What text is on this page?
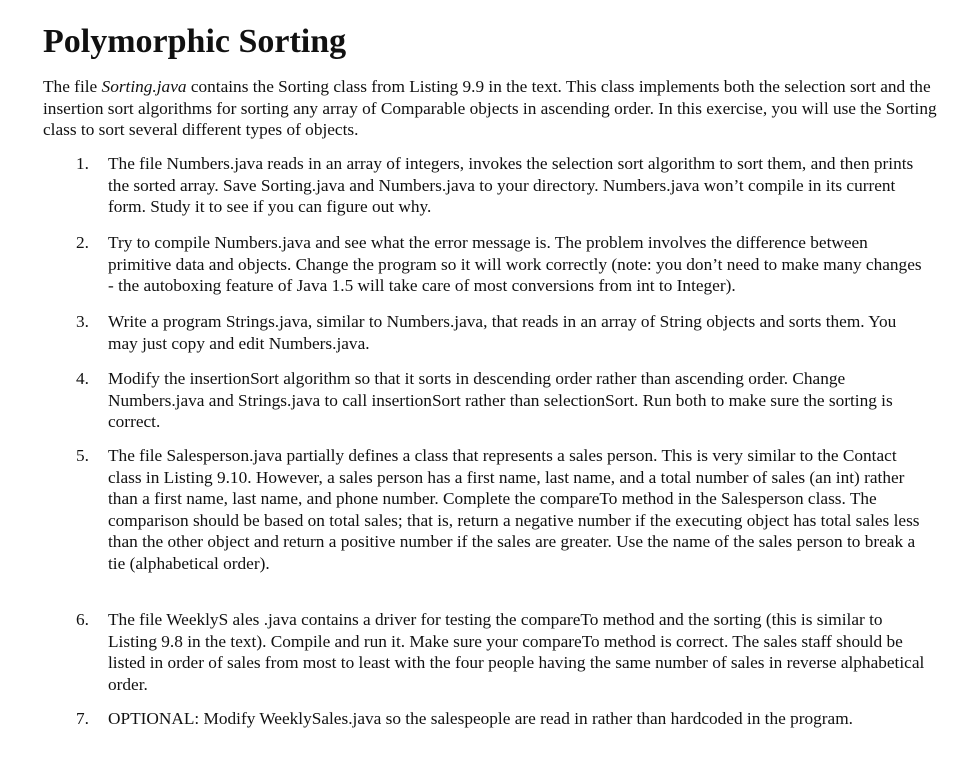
Polymorphic Sorting

The file Sorting.java contains the Sorting class from Listing 9.9 in the text. This class implements both the selection sort and the insertion sort algorithms for sorting any array of Comparable objects in ascending order. In this exercise, you will use the Sorting class to sort several different types of objects.

1. The file Numbers.java reads in an array of integers, invokes the selection sort algorithm to sort them, and then prints the sorted array. Save Sorting.java and Numbers.java to your directory. Numbers.java won’t compile in its current form. Study it to see if you can figure out why.

2. Try to compile Numbers.java and see what the error message is. The problem involves the difference between primitive data and objects. Change the program so it will work correctly (note: you don’t need to make many changes - the autoboxing feature of Java 1.5 will take care of most conversions from int to Integer).

3. Write a program Strings.java, similar to Numbers.java, that reads in an array of String objects and sorts them. You may just copy and edit Numbers.java.

4. Modify the insertionSort algorithm so that it sorts in descending order rather than ascending order. Change Numbers.java and Strings.java to call insertionSort rather than selectionSort. Run both to make sure the sorting is correct.

5. The file Salesperson.java partially defines a class that represents a sales person. This is very similar to the Contact class in Listing 9.10. However, a sales person has a first name, last name, and a total number of sales (an int) rather than a first name, last name, and phone number. Complete the compareTo method in the Salesperson class. The comparison should be based on total sales; that is, return a negative number if the executing object has total sales less than the other object and return a positive number if the sales are greater. Use the name of the sales person to break a tie (alphabetical order).

6. The file WeeklyS ales .java contains a driver for testing the compareTo method and the sorting (this is similar to Listing 9.8 in the text). Compile and run it. Make sure your compareTo method is correct. The sales staff should be listed in order of sales from most to least with the four people having the same number of sales in reverse alphabetical order.

7. OPTIONAL: Modify WeeklySales.java so the salespeople are read in rather than hardcoded in the program.
